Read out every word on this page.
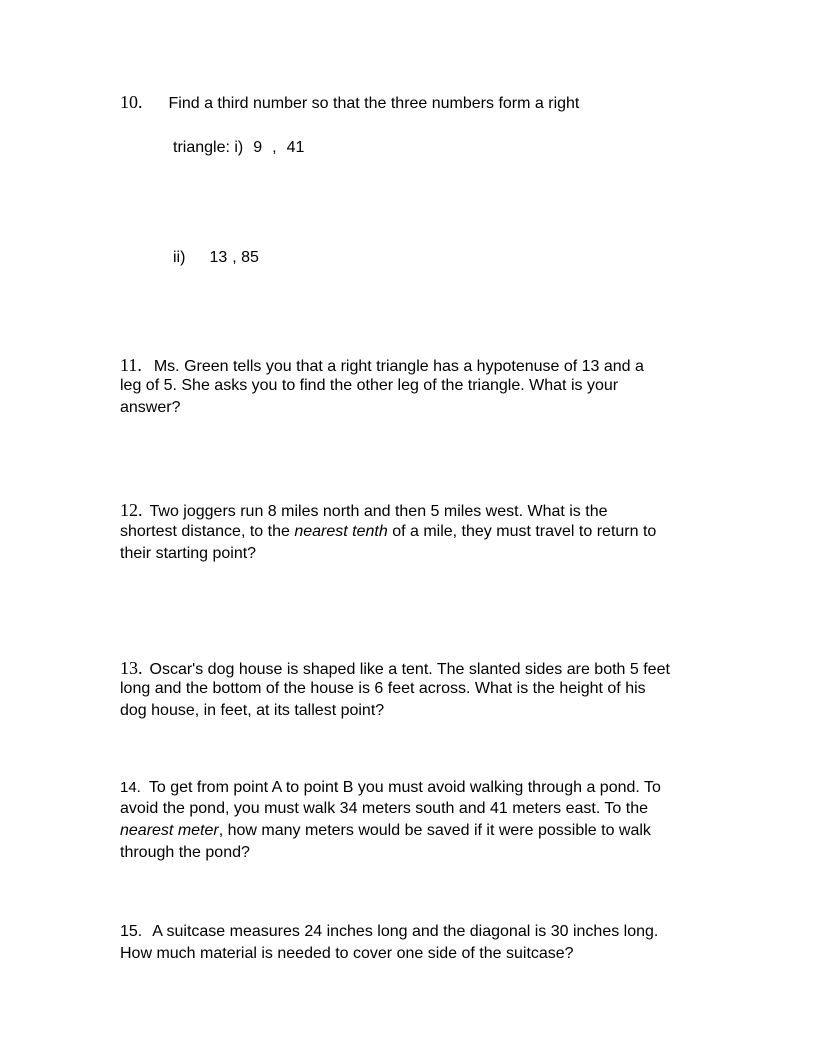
10. Find a third number so that the three numbers form a right
triangle: i) 9 , 41
ii) 13 , 85
11. Ms. Green tells you that a right triangle has a hypotenuse of 13 and a
leg of 5. She asks you to find the other leg of the triangle. What is your
answer?
12. Two joggers run 8 miles north and then 5 miles west. What is the
shortest distance, to the nearest tenth of a mile, they must travel to return to
their starting point?
13. Oscar's dog house is shaped like a tent. The slanted sides are both 5 feet
long and the bottom of the house is 6 feet across. What is the height of his
dog house, in feet, at its tallest point?
14. To get from point A to point B you must avoid walking through a pond. To
avoid the pond, you must walk 34 meters south and 41 meters east. To the
nearest meter, how many meters would be saved if it were possible to walk
through the pond?
15. A suitcase measures 24 inches long and the diagonal is 30 inches long.
How much material is needed to cover one side of the suitcase?
